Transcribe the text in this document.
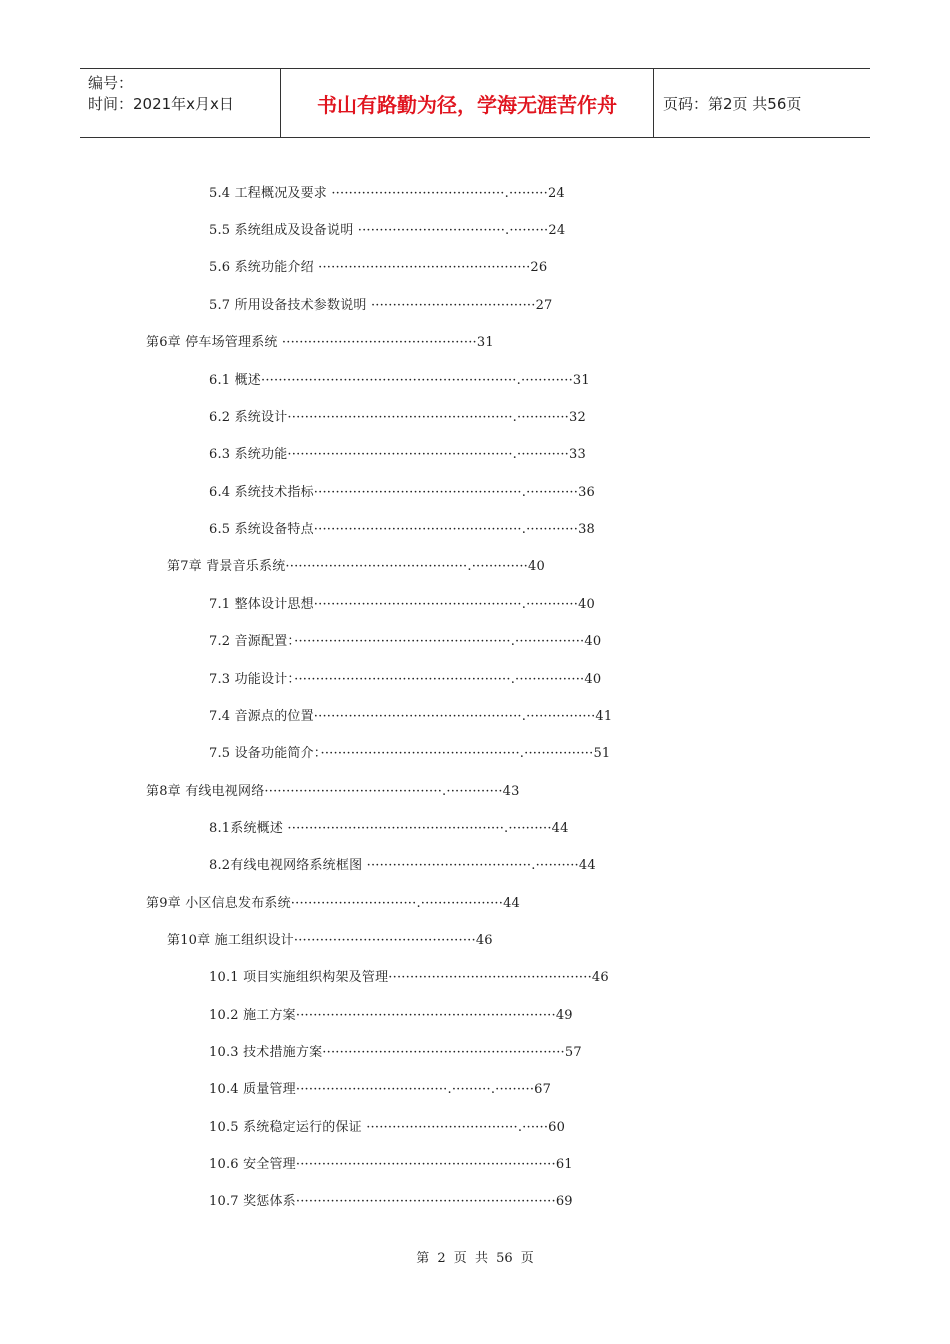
编号：
时间：2021年x月x日	书山有路勤为径，学海无涯苦作舟	页码：第2页 共56页
5.4 工程概况及要求 ········································.·········24
5.5 系统组成及设备说明 ··································.·········24
5.6 系统功能介绍 ·················································26
5.7 所用设备技术参数说明 ······································27
第6章 停车场管理系统 ·············································31
6.1 概述···························································.············31
6.2 系统设计····················································.············32
6.3 系统功能····················································.············33
6.4 系统技术指标················································.············36
6.5 系统设备特点················································.············38
第7章 背景音乐系统··········································.·············40
7.1 整体设计思想················································.············40
7.2 音源配置：··················································.················40
7.3 功能设计：··················································.················40
7.4 音源点的位置················································.················41
7.5 设备功能简介：··············································.················51
第8章 有线电视网络·········································.·············43
8.1系统概述 ··················································.··········44
8.2有线电视网络系统框图 ······································.··········44
第9章 小区信息发布系统·····························.···················44
第10章 施工组织设计··········································46
10.1 项目实施组织构架及管理···············································46
10.2 施工方案····························································49
10.3 技术措施方案························································57
10.4 质量管理···································.·········.·········67
10.5 系统稳定运行的保证 ···································.······60
10.6 安全管理····························································61
10.7 奖惩体系····························································69
第 2 页 共 56 页
